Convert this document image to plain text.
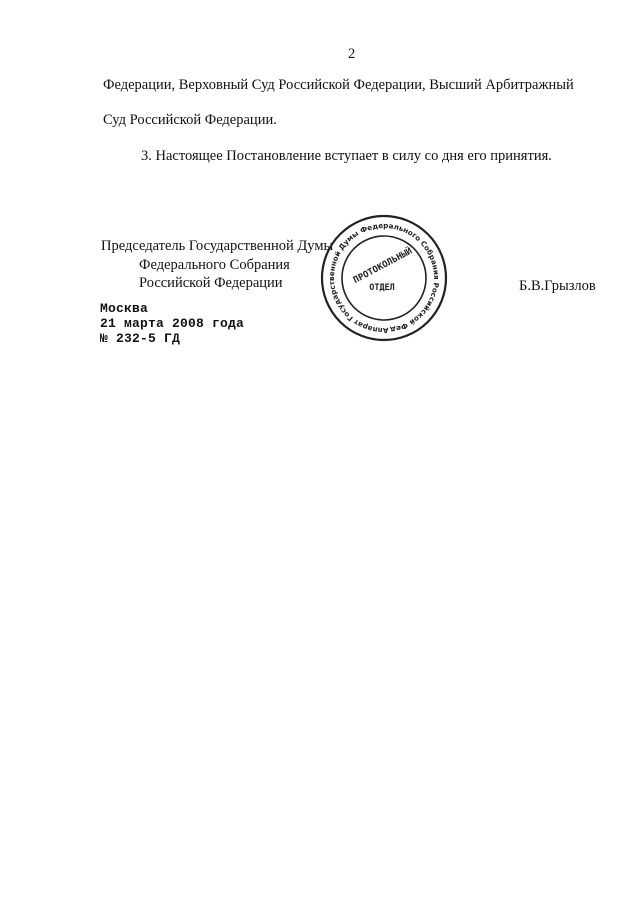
2
Федерации, Верховный Суд Российской Федерации, Высший Арбитражный
Суд Российской Федерации.
3. Настоящее Постановление вступает в силу со дня его принятия.
Председатель Государственной Думы
Федерального Собрания
Российской Федерации	Б.В.Грызлов
Москва
21 марта 2008 года
№ 232-5 ГД
Аппарат Государственной Думы Федерального Собрания Российской Федерации
ПРОТОКОЛЬНЫЙ
ОТДЕЛ
